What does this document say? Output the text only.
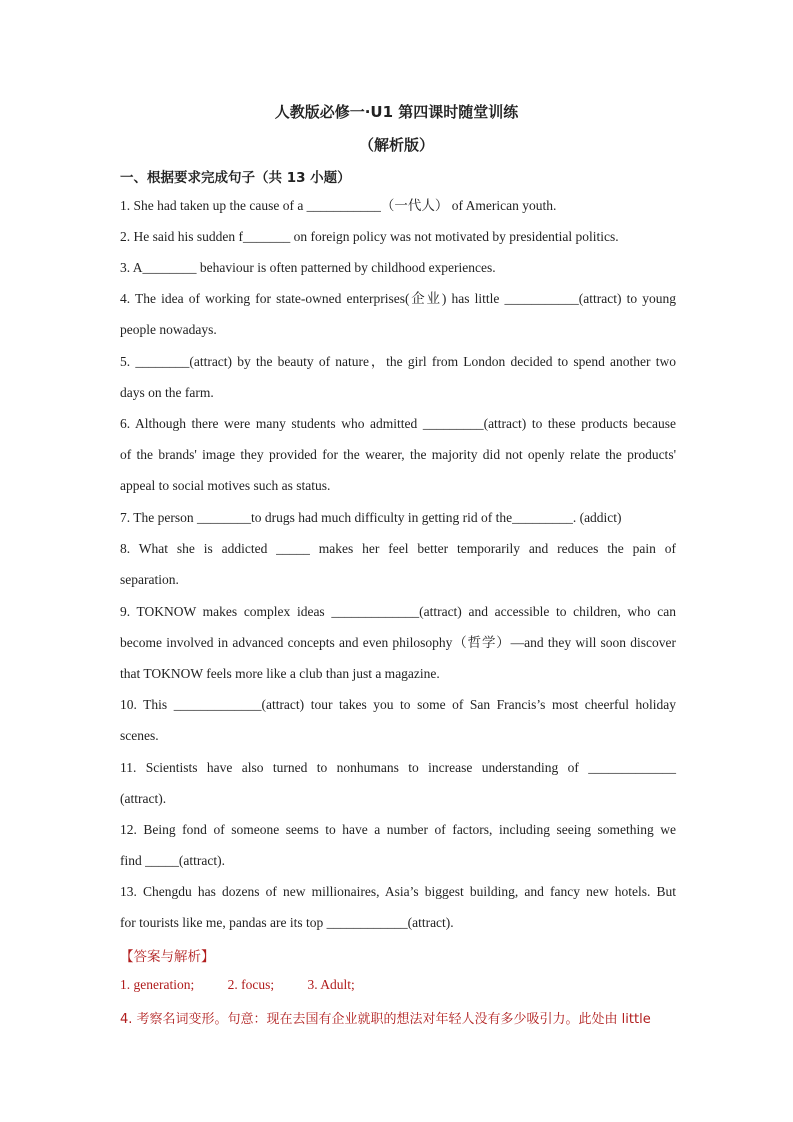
人教版必修一·U1 第四课时随堂训练
（解析版）
一、根据要求完成句子（共 13 小题）

1. She had taken up the cause of a ___________（一代人） of American youth.

2. He said his sudden f_______ on foreign policy was not motivated by presidential politics.

3. A________ behaviour is often patterned by childhood experiences.

4. The idea of working for state-owned enterprises(企业) has little ___________(attract) to young

people nowadays.

5. ________(attract) by the beauty of nature，the girl from London decided to spend another two

days on the farm.

6. Although there were many students who admitted _________(attract) to these products because

of the brands' image they provided for the wearer, the majority did not openly relate the products'

appeal to social motives such as status.

7. The person ________to drugs had much difficulty in getting rid of the_________. (addict)

8. What she is addicted _____ makes her feel better temporarily and reduces the pain of

separation.

9. TOKNOW makes complex ideas _____________(attract) and accessible to children, who can

become involved in advanced concepts and even philosophy（哲学）—and they will soon discover

that TOKNOW feels more like a club than just a magazine.

10. This _____________(attract) tour takes you to some of San Francis’s most cheerful holiday

scenes.

11. Scientists have also turned to nonhumans to increase understanding of _____________

(attract).

12. Being fond of someone seems to have a number of factors, including seeing something we

find _____(attract).

13. Chengdu has dozens of new millionaires, Asia’s biggest building, and fancy new hotels. But

for tourists like me, pandas are its top ____________(attract).

【答案与解析】
1. generation; 2. focus; 3. Adult;
4. 考察名词变形。句意：现在去国有企业就职的想法对年轻人没有多少吸引力。此处由 little
